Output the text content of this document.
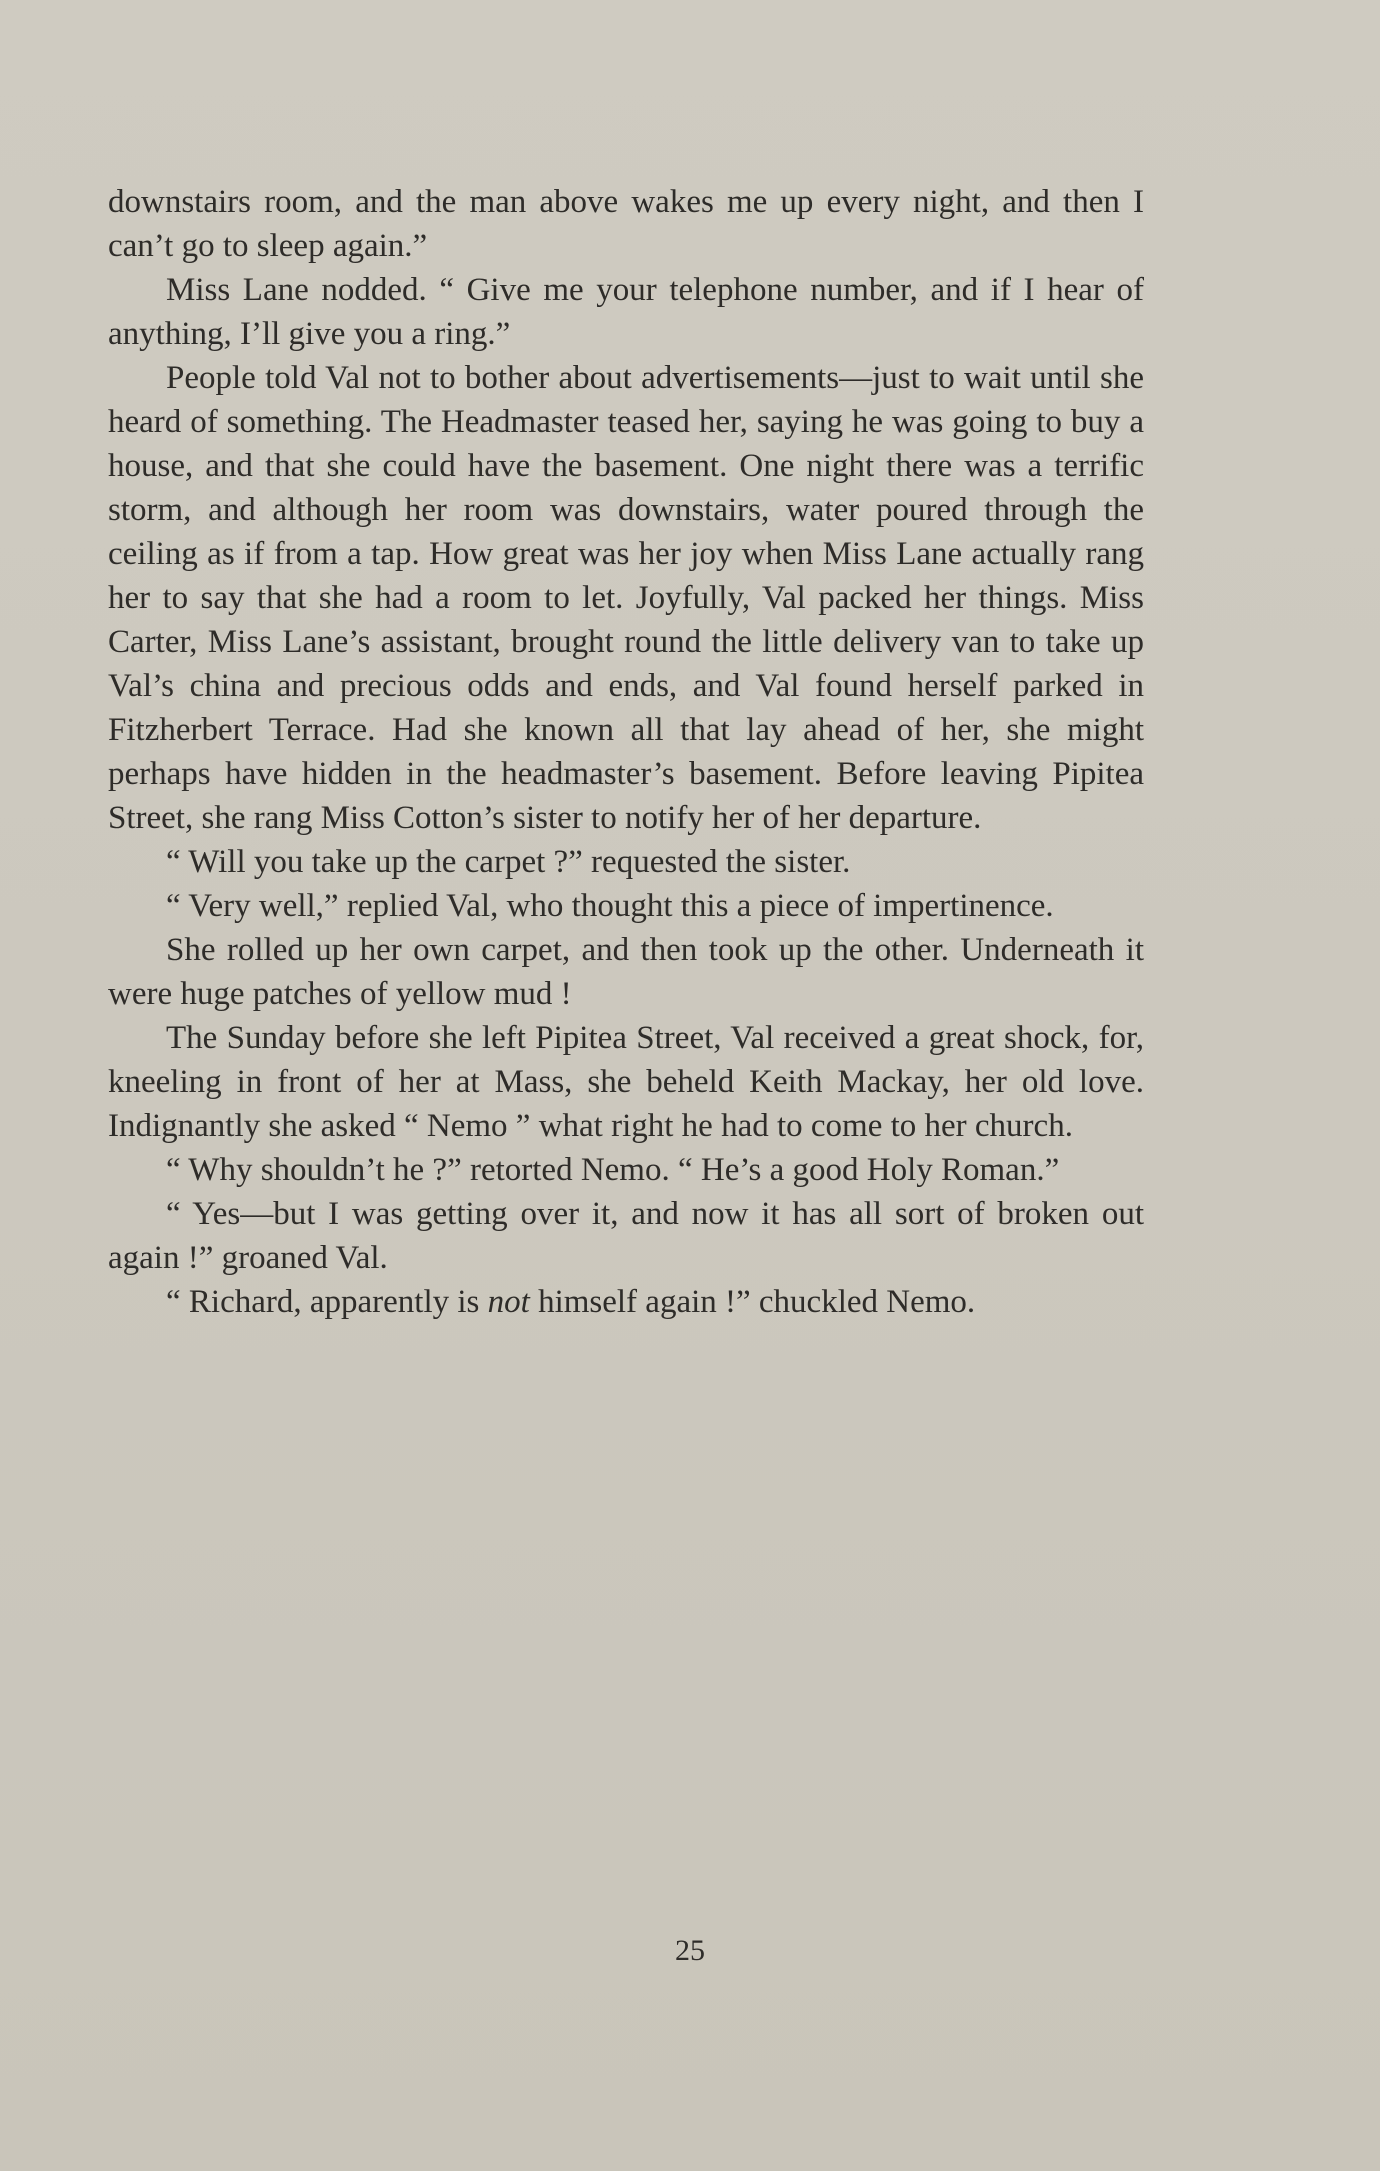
downstairs room, and the man above wakes me up every night, and then I can’t go to sleep again.”

Miss Lane nodded. “ Give me your telephone number, and if I hear of anything, I’ll give you a ring.”

People told Val not to bother about advertisements—just to wait until she heard of something. The Headmaster teased her, saying he was going to buy a house, and that she could have the basement. One night there was a terrific storm, and although her room was downstairs, water poured through the ceiling as if from a tap. How great was her joy when Miss Lane actually rang her to say that she had a room to let. Joyfully, Val packed her things. Miss Carter, Miss Lane’s assistant, brought round the little delivery van to take up Val’s china and precious odds and ends, and Val found herself parked in Fitzherbert Terrace. Had she known all that lay ahead of her, she might perhaps have hidden in the headmaster’s basement. Before leaving Pipitea Street, she rang Miss Cotton’s sister to notify her of her departure.

“ Will you take up the carpet ?” requested the sister.

“ Very well,” replied Val, who thought this a piece of impertinence.

She rolled up her own carpet, and then took up the other. Underneath it were huge patches of yellow mud !

The Sunday before she left Pipitea Street, Val received a great shock, for, kneeling in front of her at Mass, she beheld Keith Mackay, her old love. Indignantly she asked “ Nemo ” what right he had to come to her church.

“ Why shouldn’t he ?” retorted Nemo. “ He’s a good Holy Roman.”

“ Yes—but I was getting over it, and now it has all sort of broken out again !” groaned Val.

“ Richard, apparently is not himself again !” chuckled Nemo.

25
